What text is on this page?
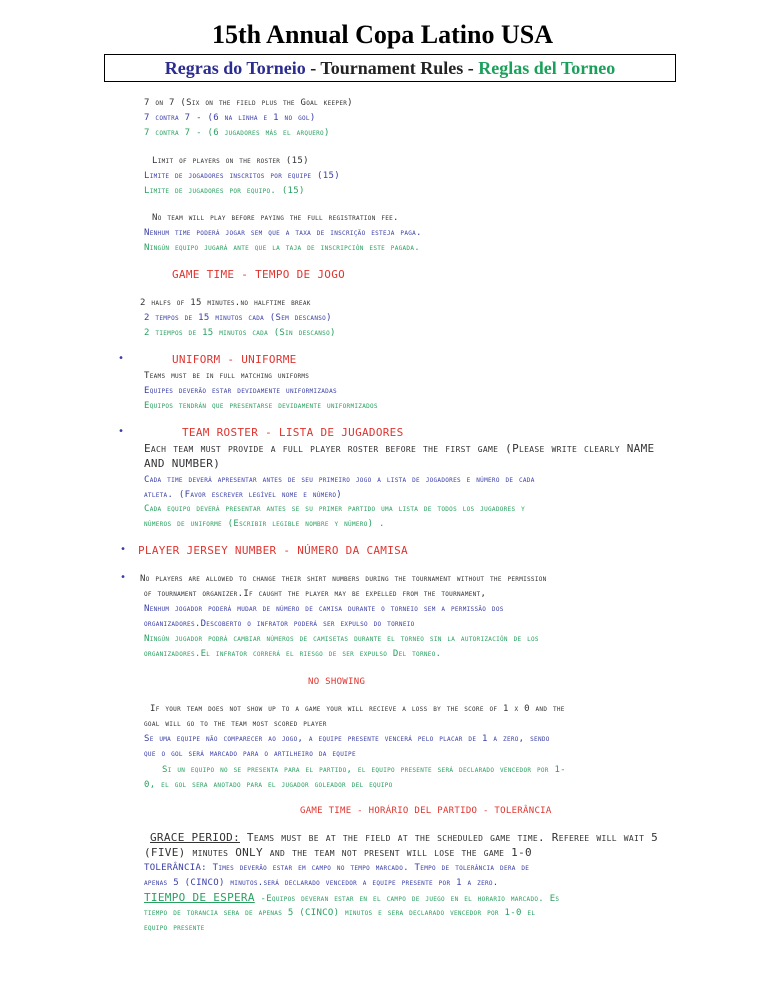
15th Annual Copa Latino USA
Regras do Torneio - Tournament Rules - Reglas del Torneo
7 on 7 (Six on the field plus the Goal keeper)
7 contra 7 - (6 na linha e 1 no gol)
7 contra 7 - (6 jugadores más el arquero)
Limit of players on the roster (15)
Limite de jogadores inscritos por equipe (15)
Limite de jugadores por equipo. (15)
No team will play before paying the full registration fee.
Nenhum time poderá jogar sem que a taxa de inscrição esteja paga.
Ningún equipo jugará ante que la taja de inscripción este pagada.
GAME TIME - TEMPO DE JOGO
2 halfs of 15 minutes.no halftime break
2 tempos de 15 minutos cada (Sem descanso)
2 tiempos de 15 minutos cada (Sin descanso)
•	UNIFORM - UNIFORME
Teams must be in full matching uniforms
Equipes deverão estar devidamente uniformizadas
Equipos tendrán que presentarse devidamente uniformizados
•	TEAM ROSTER - LISTA DE JUGADORES
Each team must provide a full player roster before the first game (Please write clearly NAME
AND NUMBER)
Cada time deverá apresentar antes de seu primeiro jogo a lista de jogadores e número de cada
atleta. (Favor escrever legível nome e número)
Cada equipo deverá presentar antes se su primer partido uma lista de todos los jugadores y
números de uniforme (Escribir legible nombre y número) .
• PLAYER JERSEY NUMBER - NÚMERO DA CAMISA
• No players are allowed to change their shirt numbers during the tournament without the permission
of tournament organizer.If caught the player may be expelled from the tournament,
Nenhum jogador poderá mudar de número de camisa durante o torneio sem a permissão dos
organizadores.Descoberto o infrator poderá ser expulso do torneio
Ningún jugador podrá cambiar números de camisetas durante el torneo sin la autorización de los
organizadores.El infrator correrá el riesgo de ser expulso Del torneo.
NO SHOWING
If your team does not show up to a game your will recieve a loss by the score of 1 x 0 and the
goal will go to the team most scored player
Se uma equipe não comparecer ao jogo, a equipe presente vencerá pelo placar de 1 a zero, sendo
que o gol será marcado para o artilheiro da equipe
Si un equipo no se presenta para el partido, el equipo presente será declarado vencedor por 1-
0, el gol sera anotado para el jugador goleador del equipo
GAME TIME - HORÁRIO DEL PARTIDO - TOLERÂNCIA
GRACE PERIOD: Teams must be at the field at the scheduled game time. Referee will wait 5
(FIVE) minutes ONLY and the team not present will lose the game 1-0
TOLERÂNCIA: Times deverão estar em campo no tempo marcado. Tempo de tolerância dera de
apenas 5 (CINCO) minutos.será declarado vencedor a equipe presente por 1 a zero.
TIEMPO DE ESPERA -Equipos deveran estar en el campo de juego en el horario marcado. Es
tiempo de torancia sera de apenas 5 (CINCO) minutos e sera declarado vencedor por 1-0 el
equipo presente
